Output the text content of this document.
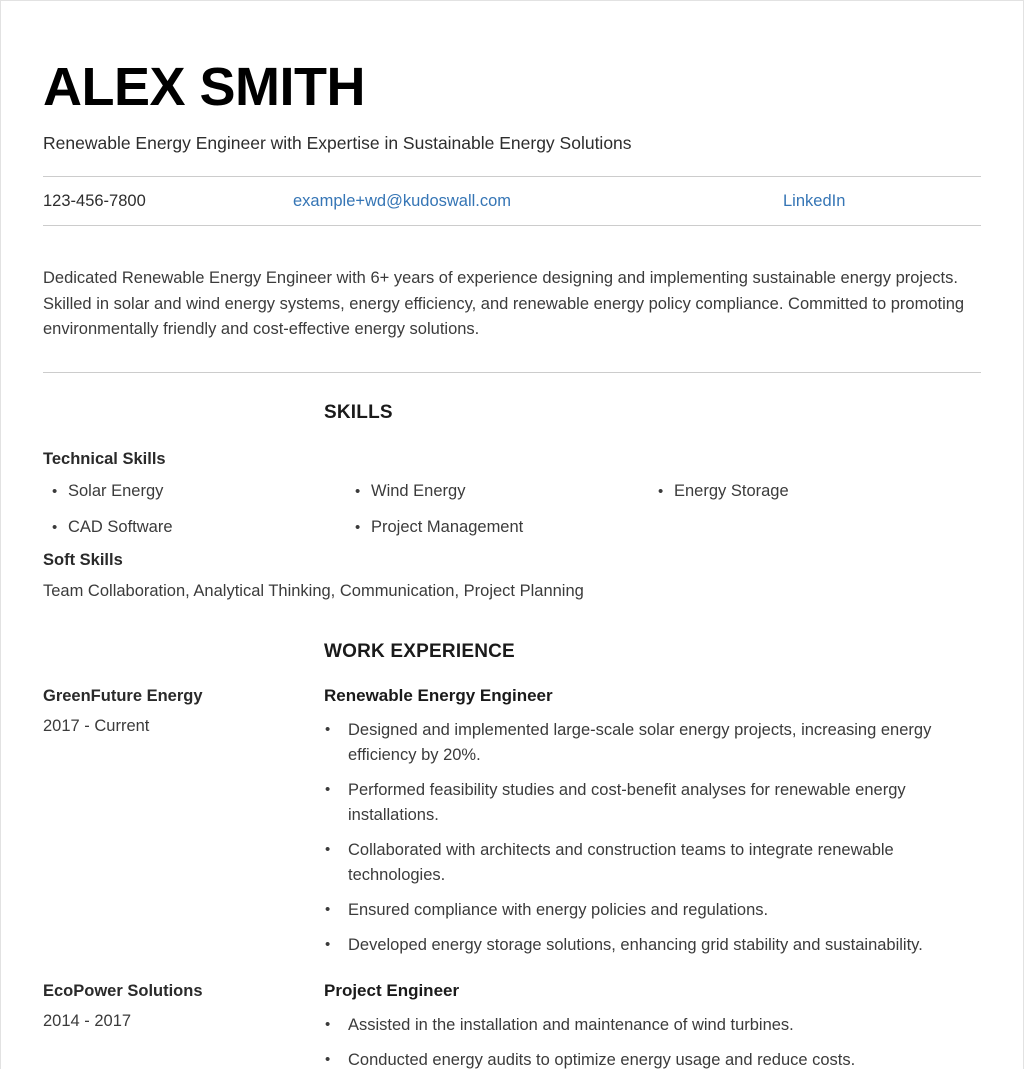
ALEX SMITH

Renewable Energy Engineer with Expertise in Sustainable Energy Solutions

123-456-7800	example+wd@kudoswall.com	LinkedIn

Dedicated Renewable Energy Engineer with 6+ years of experience designing and implementing sustainable energy projects. Skilled in solar and wind energy systems, energy efficiency, and renewable energy policy compliance. Committed to promoting environmentally friendly and cost-effective energy solutions.

SKILLS

Technical Skills

• Solar Energy	• Wind Energy	• Energy Storage
• CAD Software	• Project Management

Soft Skills

Team Collaboration, Analytical Thinking, Communication, Project Planning

WORK EXPERIENCE

GreenFuture Energy

2017 - Current

Renewable Energy Engineer

•	Designed and implemented large-scale solar energy projects, increasing energy efficiency by 20%.
•	Performed feasibility studies and cost-benefit analyses for renewable energy installations.
•	Collaborated with architects and construction teams to integrate renewable technologies.
•	Ensured compliance with energy policies and regulations.
•	Developed energy storage solutions, enhancing grid stability and sustainability.

EcoPower Solutions

2014 - 2017

Project Engineer

•	Assisted in the installation and maintenance of wind turbines.
•	Conducted energy audits to optimize energy usage and reduce costs.
